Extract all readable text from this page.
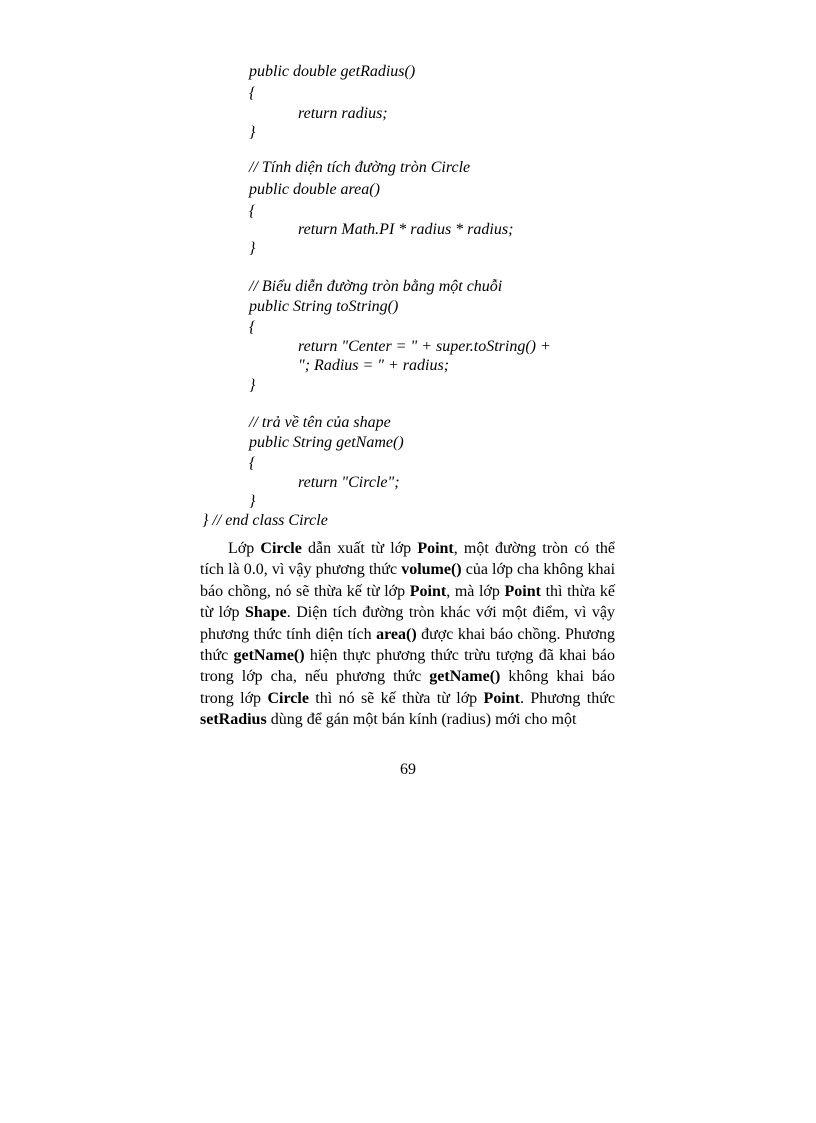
public double getRadius()
{
return radius;
}
// Tính diện tích đường tròn Circle
public double area()
{
return Math.PI * radius * radius;
}
// Biểu diễn đường tròn bằng một chuỗi
public String toString()
{
return "Center = " + super.toString() +
"; Radius = " + radius;
}
// trả về tên của shape
public String getName()
{
return "Circle";
}
} // end class Circle

Lớp Circle dẫn xuất từ lớp Point, một đường tròn có thể tích là 0.0, vì vậy phương thức volume() của lớp cha không khai báo chồng, nó sẽ thừa kế từ lớp Point, mà lớp Point thì thừa kế từ lớp Shape. Diện tích đường tròn khác với một điểm, vì vậy phương thức tính diện tích area() được khai báo chồng. Phương thức getName() hiện thực phương thức trừu tượng đã khai báo trong lớp cha, nếu phương thức getName() không khai báo trong lớp Circle thì nó sẽ kế thừa từ lớp Point. Phương thức setRadius dùng để gán một bán kính (radius) mới cho một

69
